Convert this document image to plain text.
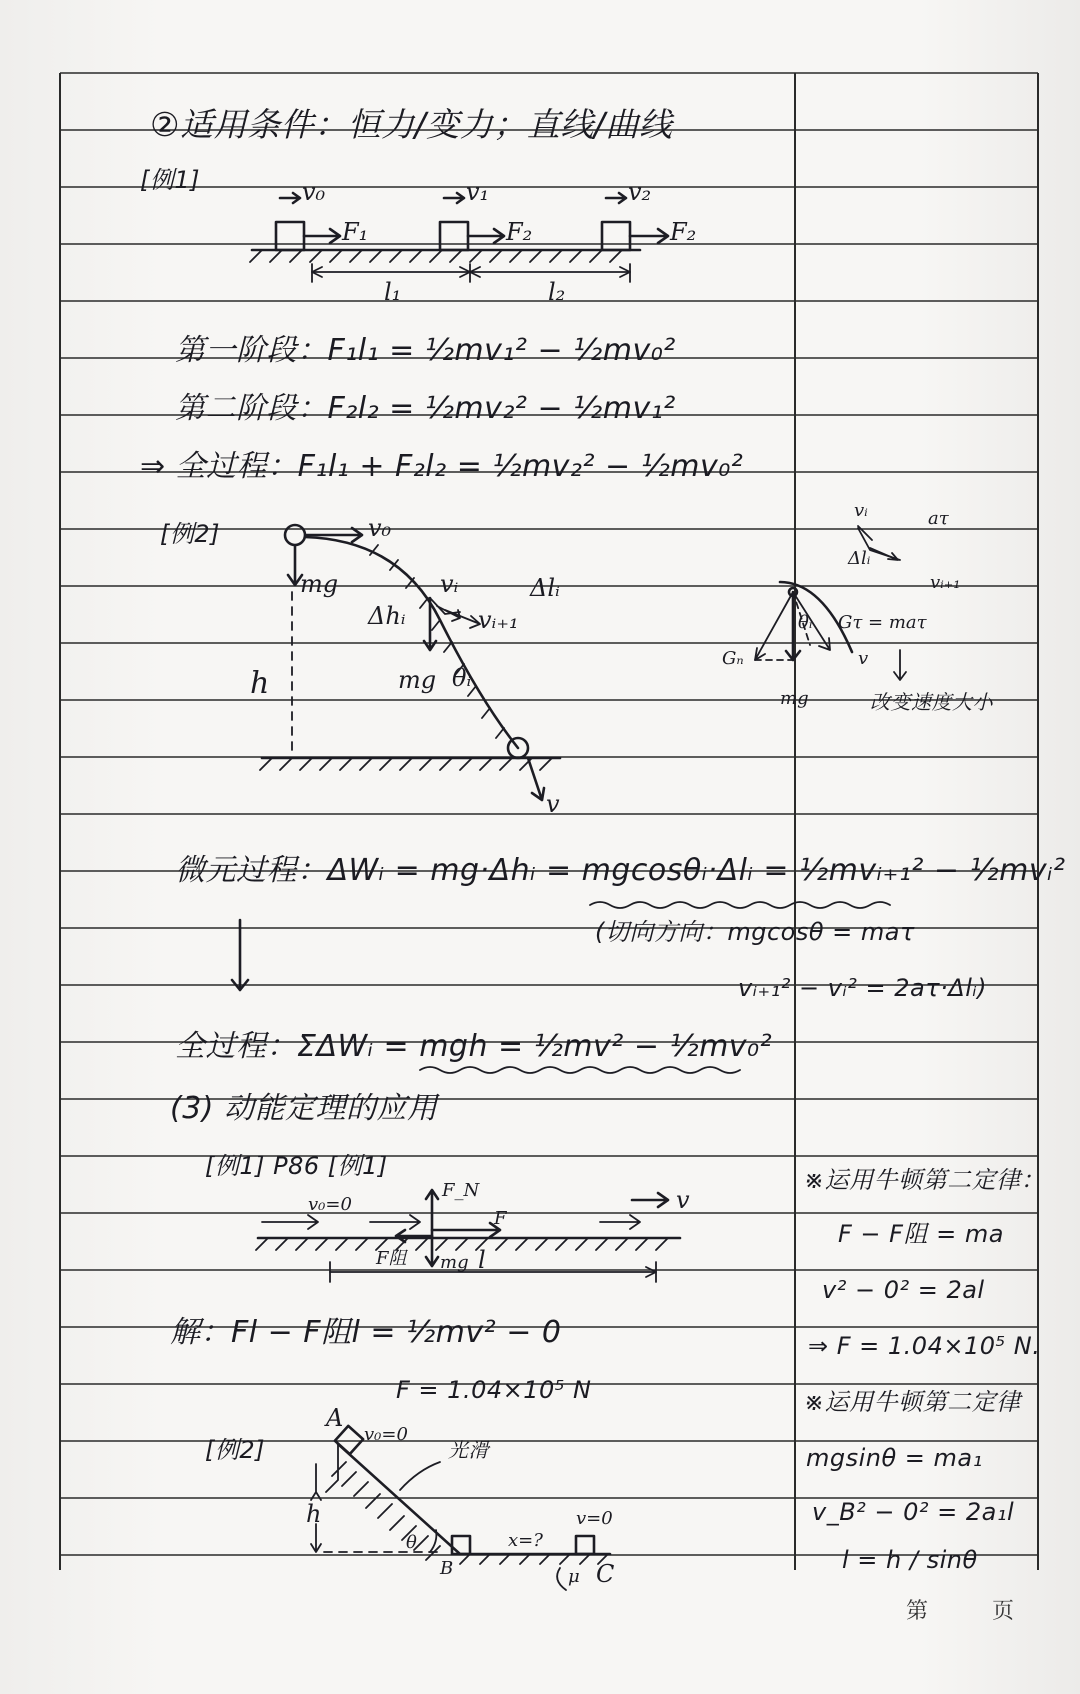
②适用条件：恒力/变力；直线/曲线
[例1]	v₀	v₁	v₂
F₁	F₂	F₂
l₁	l₂
第一阶段：F₁l₁ = ½mv₁² − ½mv₀²
第二阶段：F₂l₂ = ½mv₂² − ½mv₁²
⇒ 全过程：F₁l₁ + F₂l₂ = ½mv₂² − ½mv₀²
[例2]	v₀
mg	vᵢ	Δlᵢ
Δhᵢ	vᵢ₊₁
mg θᵢ
h
v
vᵢ	aτ
Δlᵢ
vᵢ₊₁
θᵢ Gτ = maτ
Gₙ	v
mg	改变速度大小
微元过程：ΔWᵢ = mg·Δhᵢ = mgcosθᵢ·Δlᵢ = ½mvᵢ₊₁² − ½mvᵢ²
(切向方向：mgcosθ = maτ
vᵢ₊₁² − vᵢ² = 2aτ·Δlᵢ)
全过程：ΣΔWᵢ = mgh = ½mv² − ½mv₀²
(3) 动能定理的应用
[例1] P86 [例1]
v₀=0	v
F_N
F
F阻 mg l
解：Fl − F阻l = ½mv² − 0
F = 1.04×10⁵ N
※运用牛顿第二定律：
F − F阻 = ma
v² − 0² = 2al
⇒ F = 1.04×10⁵ N.
※运用牛顿第二定律
mgsinθ = ma₁
v_B² − 0² = 2a₁l
l = h / sinθ
[例2]
A
v₀=0
光滑
h
θ
B
x=?
v=0
μ C
第	页
